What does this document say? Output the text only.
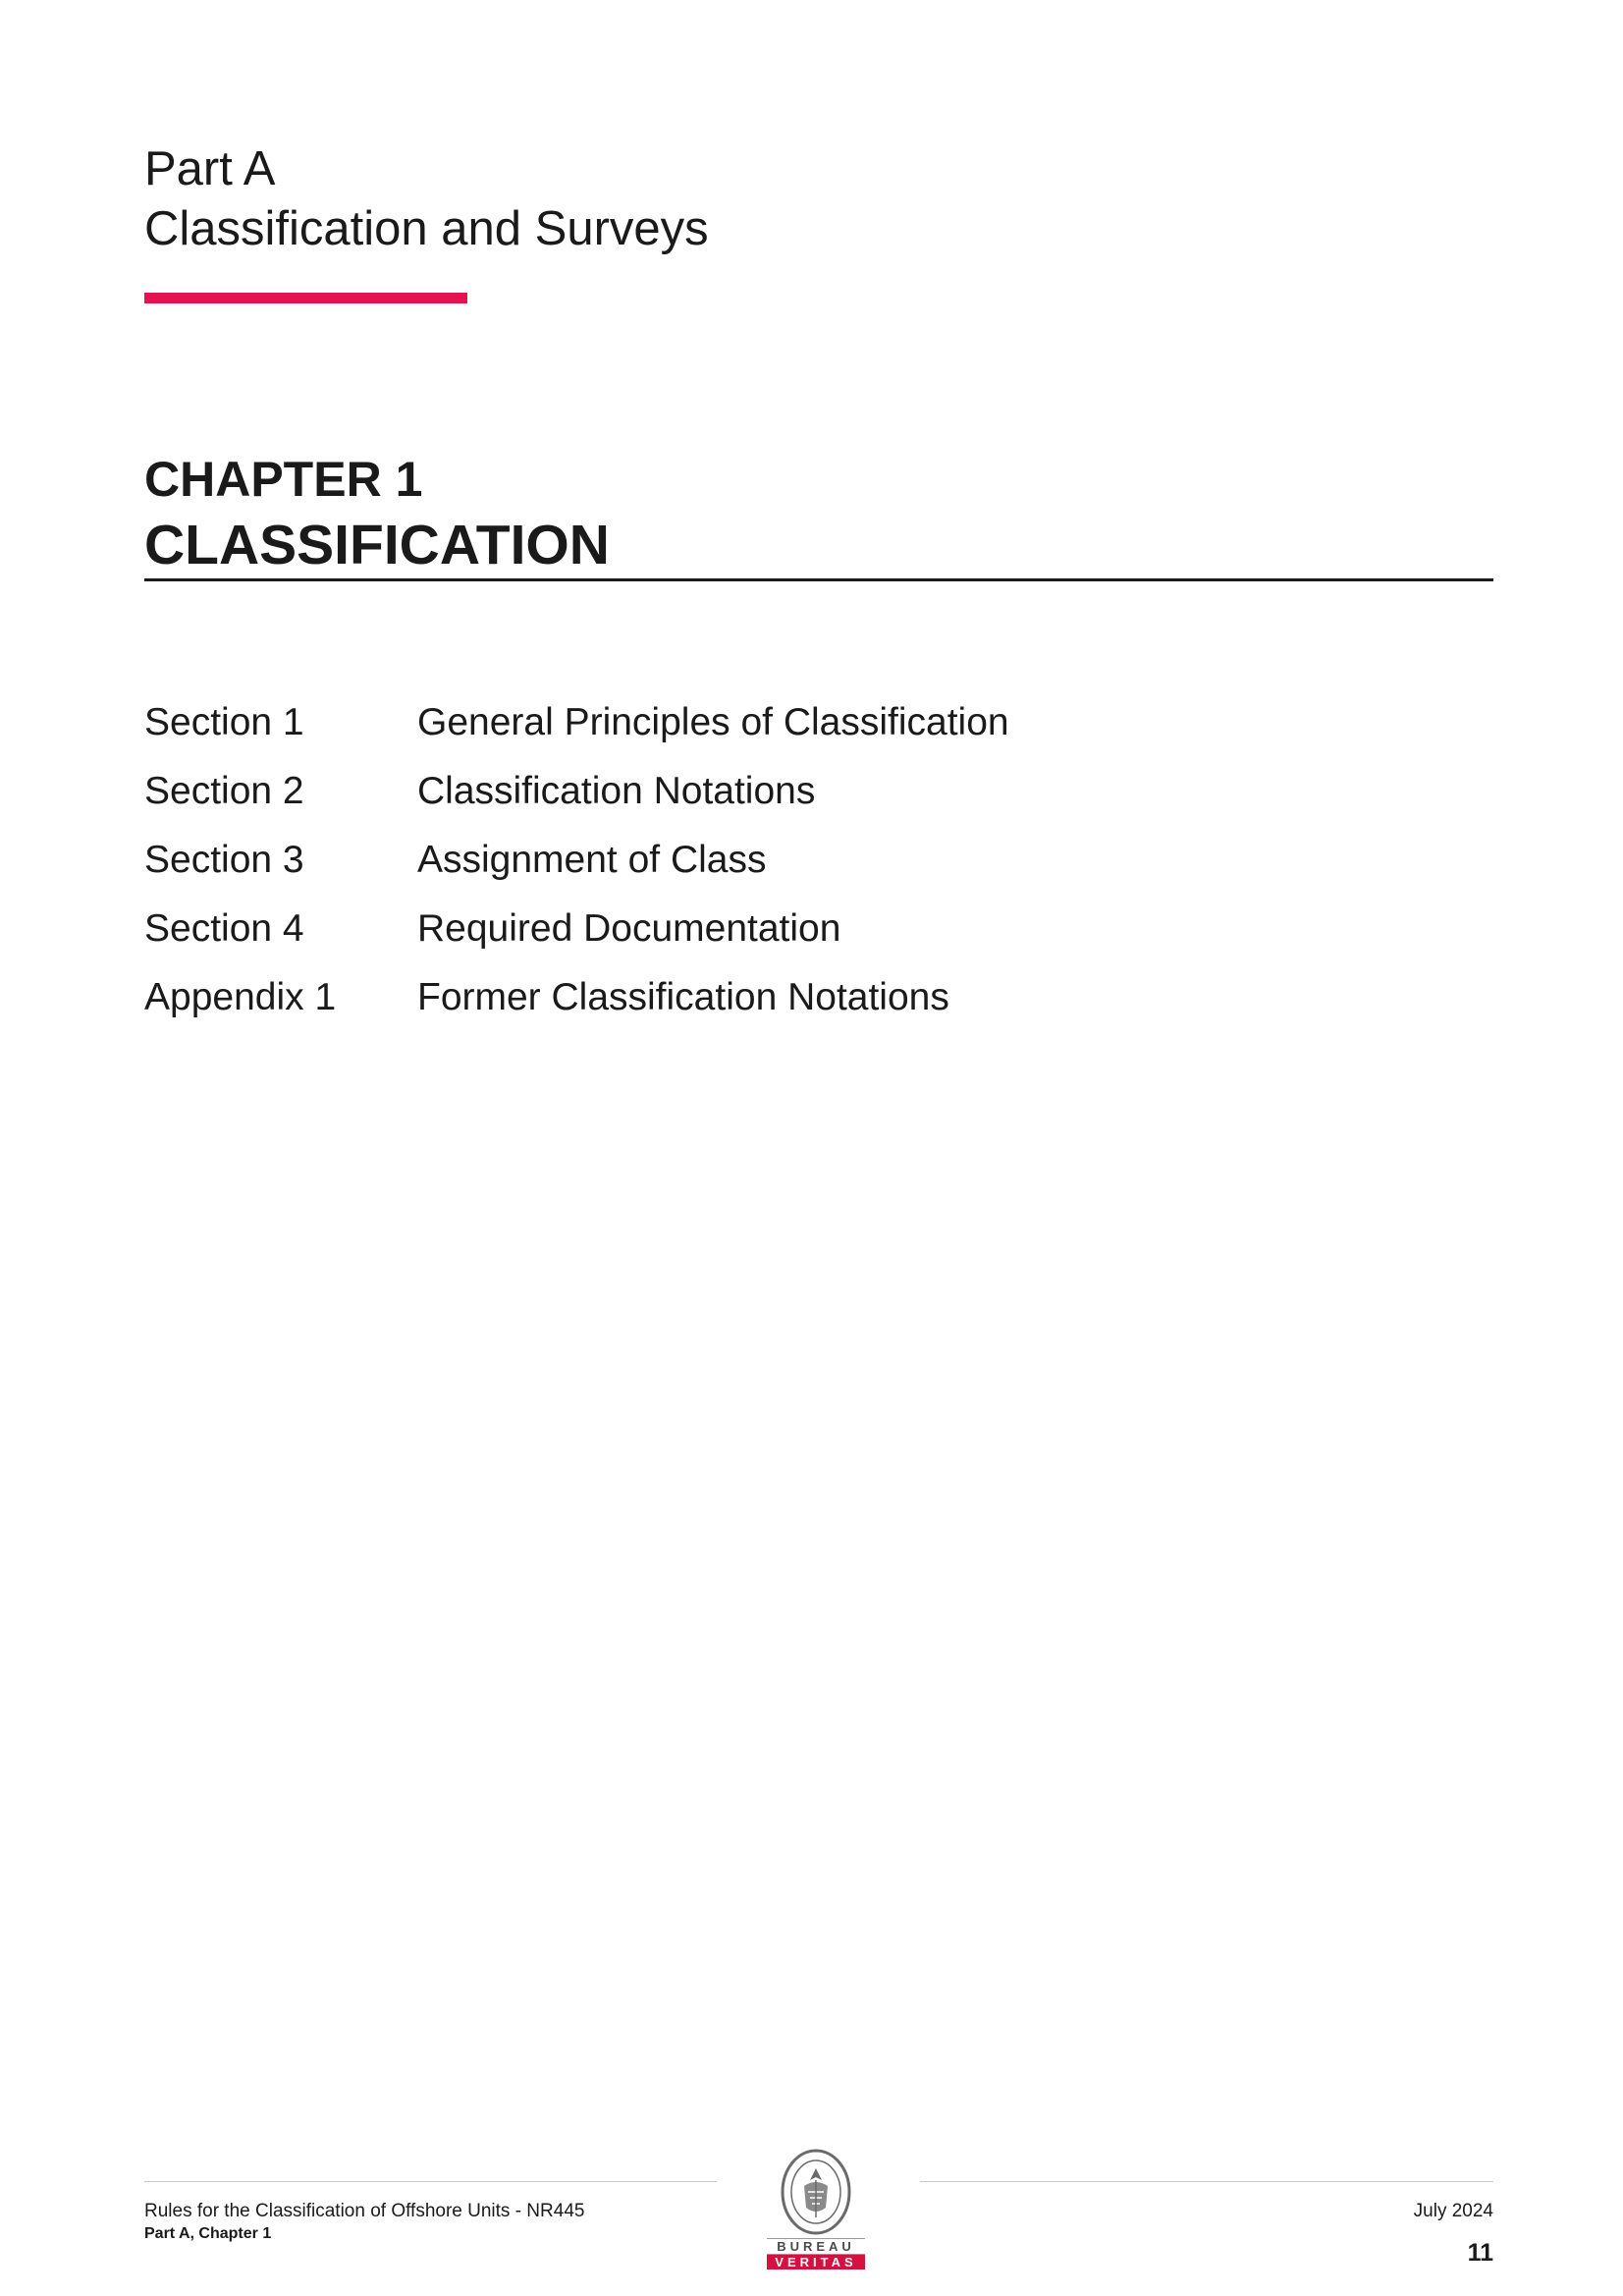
Part A
Classification and Surveys
CHAPTER 1
CLASSIFICATION
Section 1	General Principles of Classification
Section 2	Classification Notations
Section 3	Assignment of Class
Section 4	Required Documentation
Appendix 1	Former Classification Notations
Rules for the Classification of Offshore Units - NR445
Part A, Chapter 1
BUREAU
VERITAS
July 2024
11
